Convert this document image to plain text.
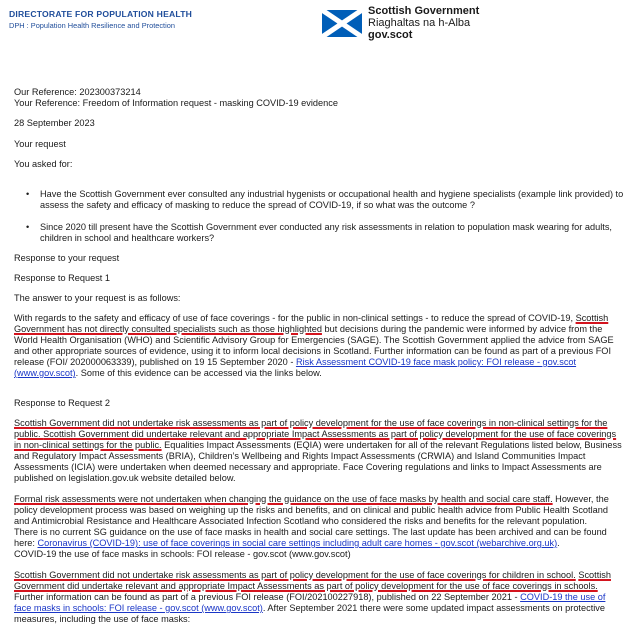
DIRECTORATE FOR POPULATION HEALTH
DPH : Population Health Resilience and Protection
Scottish Government
Riaghaltas na h-Alba
gov.scot
Our Reference: 202300373214
Your Reference: Freedom of Information request - masking COVID-19 evidence
28 September 2023
Your request
You asked for:
• Have the Scottish Government ever consulted any industrial hygenists or occupational health and hygiene specialists (example link provided) to
assess the safety and efficacy of masking to reduce the spread of COVID-19, if so what was the outcome ?
• Since 2020 till present have the Scottish Government ever conducted any risk assessments in relation to population mask wearing for adults,
children in school and healthcare workers?
Response to your request
Response to Request 1
The answer to your request is as follows:
With regards to the safety and efficacy of use of face coverings - for the public in non-clinical settings - to reduce the spread of COVID-19, Scottish
Government has not directly consulted specialists such as those highlighted but decisions during the pandemic were informed by advice from the
World Health Organisation (WHO) and Scientific Advisory Group for Emergencies (SAGE). The Scottish Government applied the advice from SAGE
and other appropriate sources of evidence, using it to inform local decisions in Scotland. Further information can be found as part of a previous FOI
release (FOI/ 202000063339), published on 19 15 September 2020 - Risk Assessment COVID-19 face mask policy: FOI release - gov.scot
(www.gov.scot). Some of this evidence can be accessed via the links below.
Response to Request 2
Scottish Government did not undertake risk assessments as part of policy development for the use of face coverings in non-clinical settings for the
public. Scottish Government did undertake relevant and appropriate Impact Assessments as part of policy development for the use of face coverings
in non-clinical settings for the public. Equalities Impact Assessments (EQIA) were undertaken for all of the relevant Regulations listed below, Business
and Regulatory Impact Assessments (BRIA), Children’s Wellbeing and Rights Impact Assessments (CRWIA) and Island Communities Impact
Assessments (ICIA) were undertaken when deemed necessary and appropriate. Face Covering regulations and links to Impact Assessments are
published on legislation.gov.uk website detailed below.
Formal risk assessments were not undertaken when changing the guidance on the use of face masks by health and social care staff. However, the
policy development process was based on weighing up the risks and benefits, and on clinical and public health advice from Public Health Scotland
and Antimicrobial Resistance and Healthcare Associated Infection Scotland who considered the risks and benefits for the relevant population.
There is no current SG guidance on the use of face masks in health and social care settings. The last update has been archived and can be found
here: Coronavirus (COVID-19): use of face coverings in social care settings including adult care homes - gov.scot (webarchive.org.uk).
COVID-19 the use of face masks in schools: FOI release - gov.scot (www.gov.scot)
Scottish Government did not undertake risk assessments as part of policy development for the use of face coverings for children in school. Scottish
Government did undertake relevant and appropriate Impact Assessments as part of policy development for the use of face coverings in schools.
Further information can be found as part of a previous FOI release (FOI/202100227918), published on 22 September 2021 - COVID-19 the use of
face masks in schools: FOI release - gov.scot (www.gov.scot). After September 2021 there were some updated impact assessments on protective
measures, including the use of face masks:
